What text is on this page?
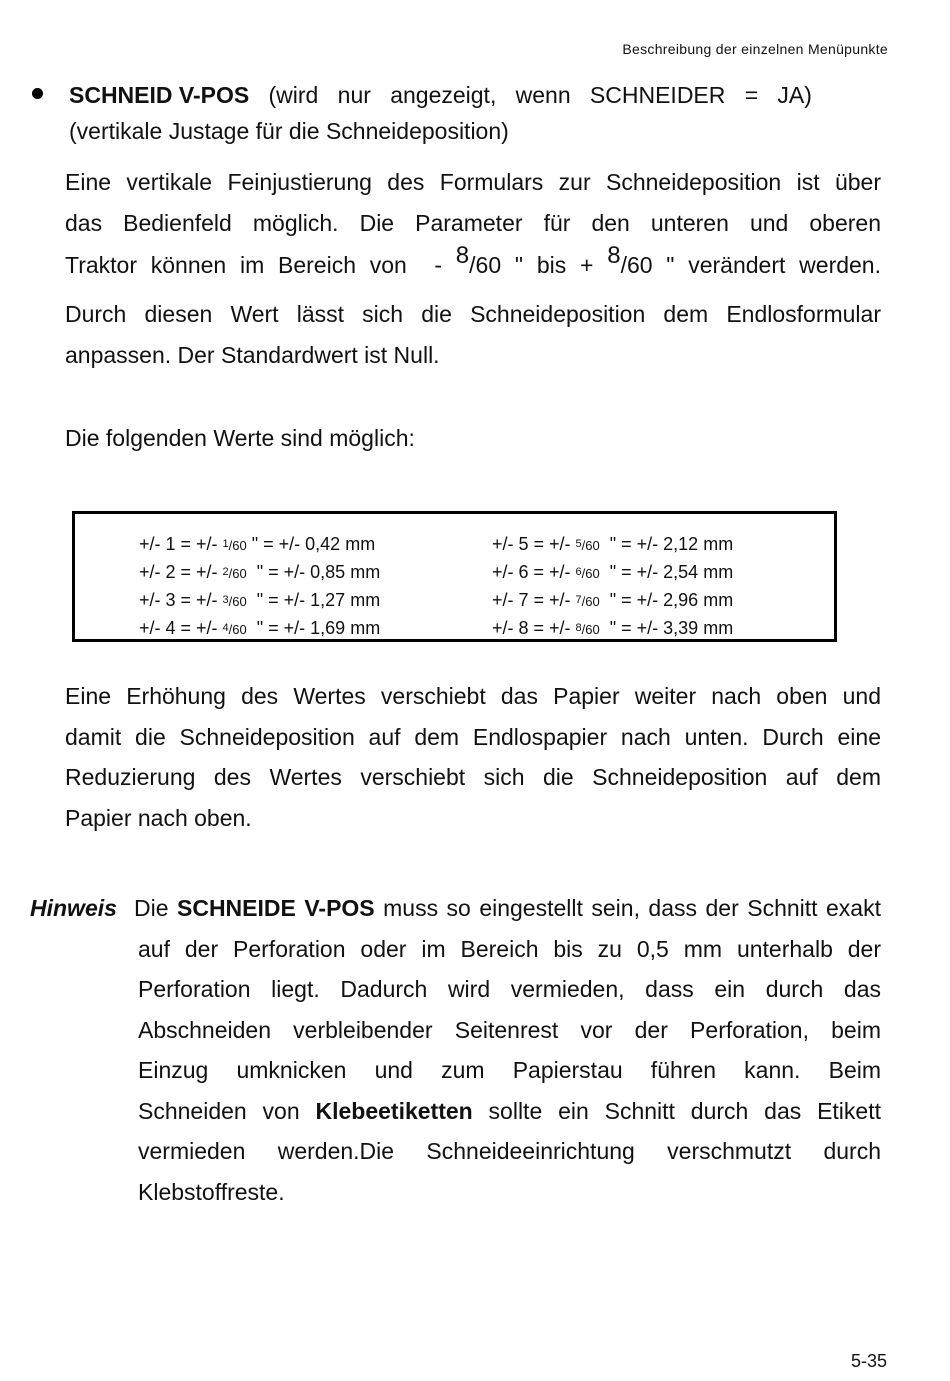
Beschreibung der einzelnen Menüpunkte
SCHNEID V-POS (wird nur angezeigt, wenn SCHNEIDER = JA)
(vertikale Justage für die Schneideposition)
Eine vertikale Feinjustierung des Formulars zur Schneideposition ist über
das Bedienfeld möglich. Die Parameter für den unteren und oberen
Traktor können im Bereich von  - 8/60 " bis + 8/60 " verändert werden.
Durch diesen Wert lässt sich die Schneideposition dem Endlosformular
anpassen. Der Standardwert ist Null.
Die folgenden Werte sind möglich:
+/- 1 = +/- $^1$/60 " = +/- 0,42 mm
+/- 2 = +/- $^2$/60  " = +/- 0,85 mm
+/- 3 = +/- $^3$/60  " = +/- 1,27 mm
+/- 4 = +/- $^4$/60  " = +/- 1,69 mm
+/- 5 = +/- $^5$/60  " = +/- 2,12 mm
+/- 6 = +/- $^6$/60  " = +/- 2,54 mm
+/- 7 = +/- $^7$/60  " = +/- 2,96 mm
+/- 8 = +/- $^8$/60  " = +/- 3,39 mm
Eine Erhöhung des Wertes verschiebt das Papier weiter nach oben und
damit die Schneideposition auf dem Endlospapier nach unten. Durch eine
Reduzierung des Wertes verschiebt sich die Schneideposition auf dem
Papier nach oben.
Hinweis Die SCHNEIDE V-POS muss so eingestellt sein, dass der Schnitt exakt
auf der Perforation oder im Bereich bis zu 0,5 mm unterhalb der
Perforation liegt. Dadurch wird vermieden, dass ein durch das
Abschneiden verbleibender Seitenrest vor der Perforation, beim
Einzug umknicken und zum Papierstau führen kann. Beim
Schneiden von Klebeetiketten sollte ein Schnitt durch das Etikett
vermieden werden.Die Schneideeinrichtung verschmutzt durch
Klebstoffreste.
5-35
